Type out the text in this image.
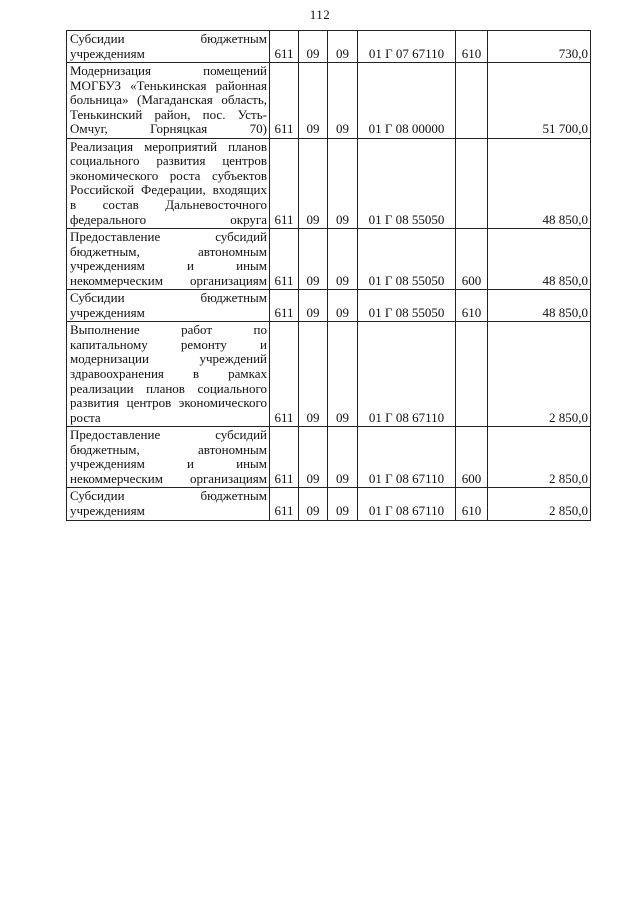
112
Субсидии бюджетным учреждениям	611	09	09	01 Г 07 67110	610	730,0

Модернизация помещений МОГБУЗ «Тенькинская районная больница» (Магаданская область, Тенькинский район, пос. Усть-Омчуг, Горняцкая 70)	611	09	09	01 Г 08 00000		51 700,0

Реализация мероприятий планов социального развития центров экономического роста субъектов Российской Федерации, входящих в состав Дальневосточного федерального округа	611	09	09	01 Г 08 55050		48 850,0

Предоставление субсидий бюджетным, автономным учреждениям и иным некоммерческим организациям	611	09	09	01 Г 08 55050	600	48 850,0

Субсидии бюджетным учреждениям	611	09	09	01 Г 08 55050	610	48 850,0

Выполнение работ по капитальному ремонту и модернизации учреждений здравоохранения в рамках реализации планов социального развития центров экономического роста	611	09	09	01 Г 08 67110		2 850,0

Предоставление субсидий бюджетным, автономным учреждениям и иным некоммерческим организациям	611	09	09	01 Г 08 67110	600	2 850,0

Субсидии бюджетным учреждениям	611	09	09	01 Г 08 67110	610	2 850,0
